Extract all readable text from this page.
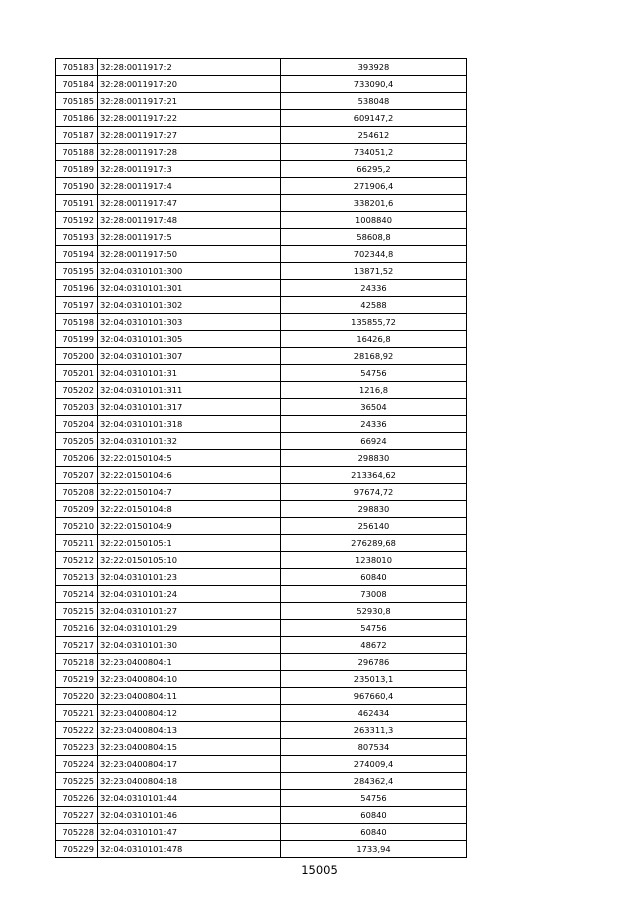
705183	32:28:0011917:2	393928
705184	32:28:0011917:20	733090,4
705185	32:28:0011917:21	538048
705186	32:28:0011917:22	609147,2
705187	32:28:0011917:27	254612
705188	32:28:0011917:28	734051,2
705189	32:28:0011917:3	66295,2
705190	32:28:0011917:4	271906,4
705191	32:28:0011917:47	338201,6
705192	32:28:0011917:48	1008840
705193	32:28:0011917:5	58608,8
705194	32:28:0011917:50	702344,8
705195	32:04:0310101:300	13871,52
705196	32:04:0310101:301	24336
705197	32:04:0310101:302	42588
705198	32:04:0310101:303	135855,72
705199	32:04:0310101:305	16426,8
705200	32:04:0310101:307	28168,92
705201	32:04:0310101:31	54756
705202	32:04:0310101:311	1216,8
705203	32:04:0310101:317	36504
705204	32:04:0310101:318	24336
705205	32:04:0310101:32	66924
705206	32:22:0150104:5	298830
705207	32:22:0150104:6	213364,62
705208	32:22:0150104:7	97674,72
705209	32:22:0150104:8	298830
705210	32:22:0150104:9	256140
705211	32:22:0150105:1	276289,68
705212	32:22:0150105:10	1238010
705213	32:04:0310101:23	60840
705214	32:04:0310101:24	73008
705215	32:04:0310101:27	52930,8
705216	32:04:0310101:29	54756
705217	32:04:0310101:30	48672
705218	32:23:0400804:1	296786
705219	32:23:0400804:10	235013,1
705220	32:23:0400804:11	967660,4
705221	32:23:0400804:12	462434
705222	32:23:0400804:13	263311,3
705223	32:23:0400804:15	807534
705224	32:23:0400804:17	274009,4
705225	32:23:0400804:18	284362,4
705226	32:04:0310101:44	54756
705227	32:04:0310101:46	60840
705228	32:04:0310101:47	60840
705229	32:04:0310101:478	1733,94
15005
